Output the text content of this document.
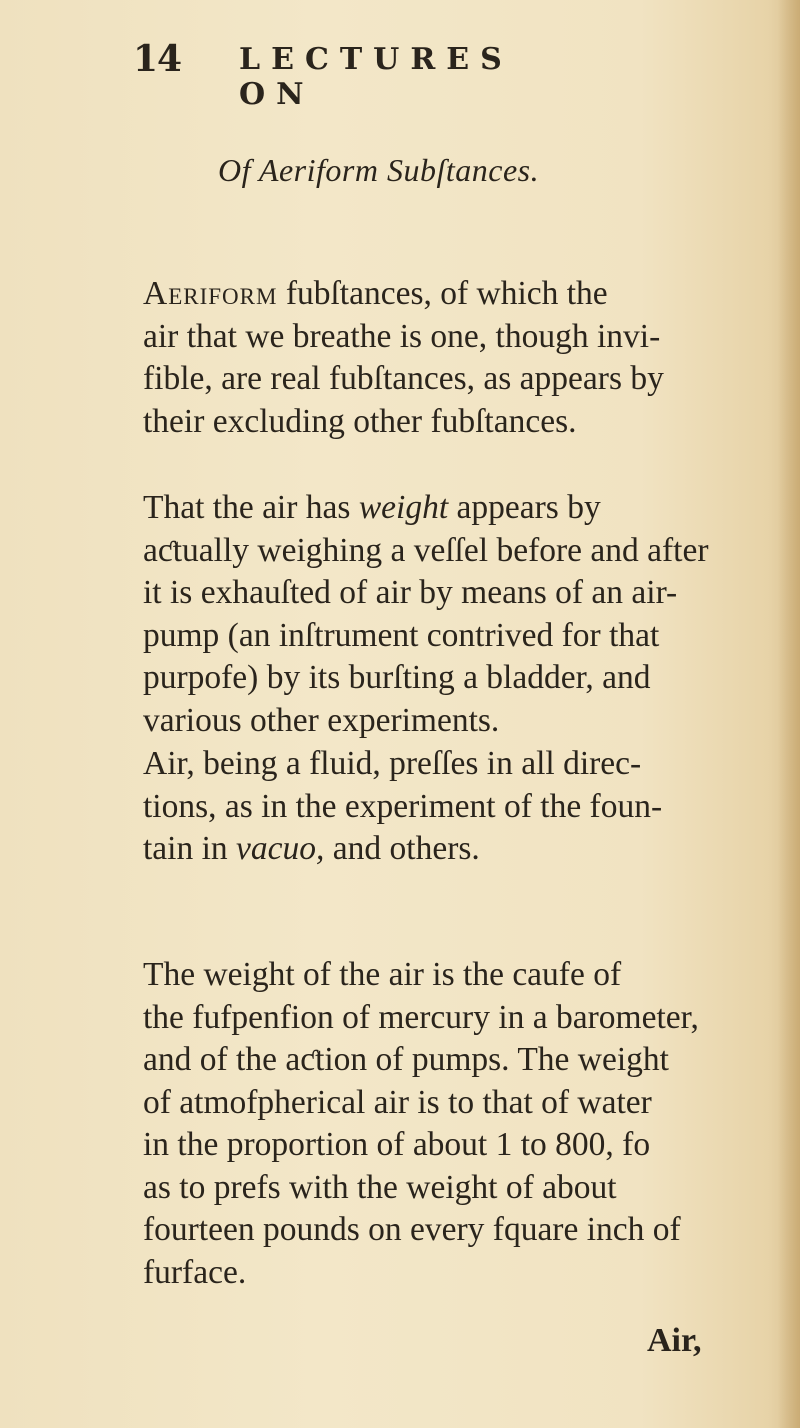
14 LECTURES ON
Of Aeriform Subſtances.

Aeriform fubſtances, of which the
air that we breathe is one, though invi-
fible, are real fubſtances, as appears by
their excluding other fubſtances.

That the air has weight appears by
aƈtually weighing a veſſel before and after
it is exhauſted of air by means of an air-
pump (an inſtrument contrived for that
purpofe) by its burſting a bladder, and
various other experiments.

Air, being a fluid, preſſes in all direc-
tions, as in the experiment of the foun-
tain in vacuo, and others.

The weight of the air is the caufe of
the fufpenfion of mercury in a barometer,
and of the aƈtion of pumps. The weight
of atmofpherical air is to that of water
in the proportion of about 1 to 800, fo
as to prefs with the weight of about
fourteen pounds on every fquare inch of
furface.

Air,
